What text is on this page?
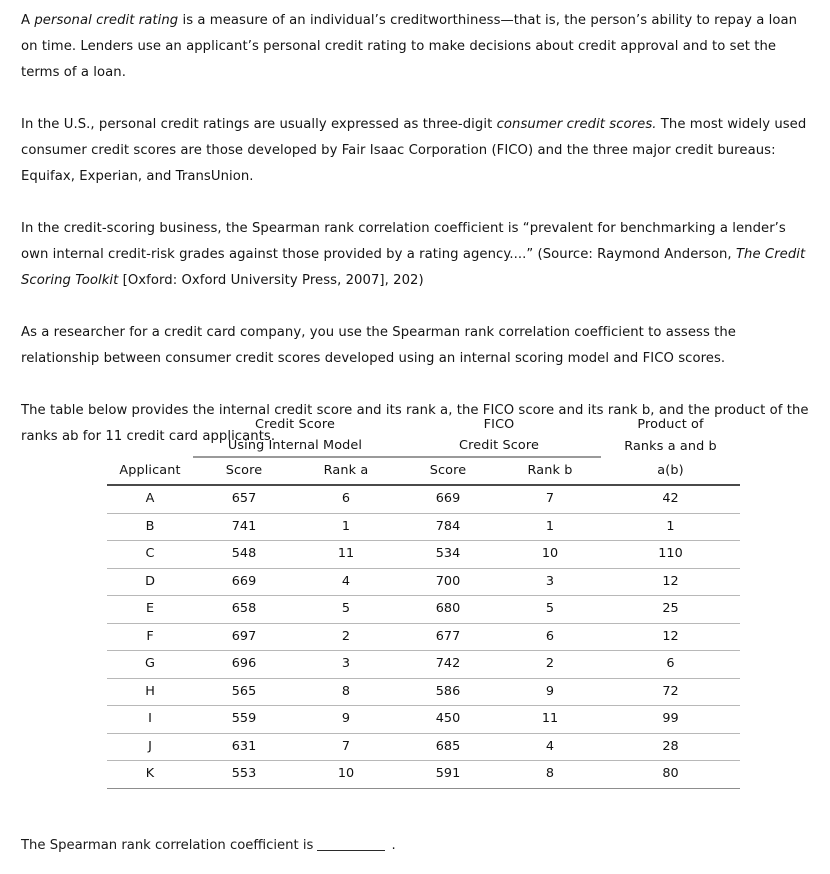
A personal credit rating is a measure of an individual’s creditworthiness—that is, the person’s ability to repay a loan on time. Lenders use an applicant’s personal credit rating to make decisions about credit approval and to set the terms of a loan.

In the U.S., personal credit ratings are usually expressed as three-digit consumer credit scores. The most widely used consumer credit scores are those developed by Fair Isaac Corporation (FICO) and the three major credit bureaus: Equifax, Experian, and TransUnion.

In the credit-scoring business, the Spearman rank correlation coefficient is “prevalent for benchmarking a lender’s own internal credit-risk grades against those provided by a rating agency....” (Source: Raymond Anderson, The Credit Scoring Toolkit [Oxford: Oxford University Press, 2007], 202)

As a researcher for a credit card company, you use the Spearman rank correlation coefficient to assess the relationship between consumer credit scores developed using an internal scoring model and FICO scores.

The table below provides the internal credit score and its rank a, the FICO score and its rank b, and the product of the ranks ab for 11 credit card applicants.

	Credit Score		FICO		Product of
	Using Internal Model		Credit Score		Ranks a and b
Applicant	Score	Rank a	Score	Rank b	a(b)
A	657	6	669	7	42
B	741	1	784	1	1
C	548	11	534	10	110
D	669	4	700	3	12
E	658	5	680	5	25
F	697	2	677	6	12
G	696	3	742	2	6
H	565	8	586	9	72
I	559	9	450	11	99
J	631	7	685	4	28
K	553	10	591	8	80
The Spearman rank correlation coefficient is	.
